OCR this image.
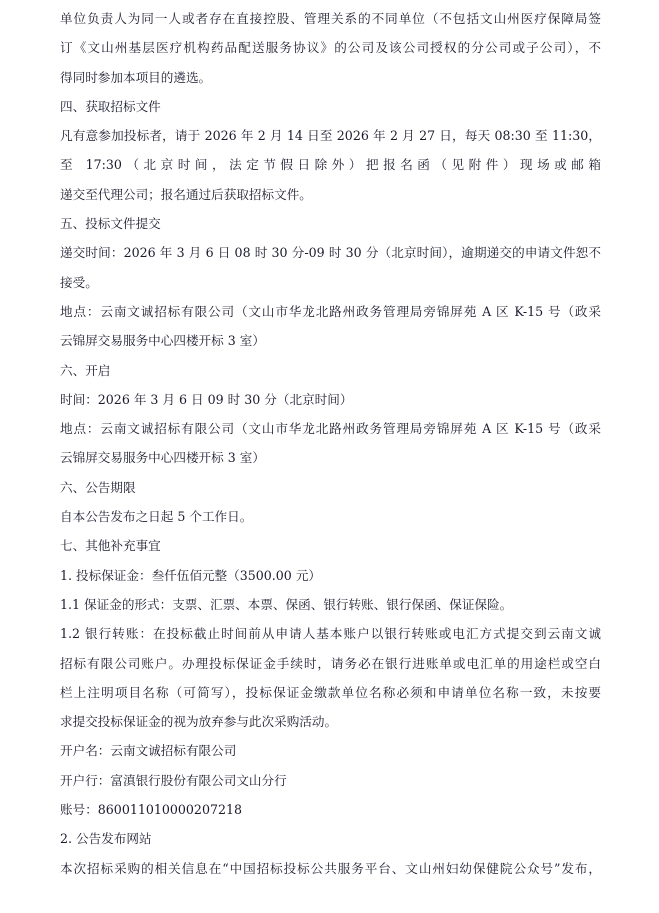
单位负责人为同一人或者存在直接控股、管理关系的不同单位（不包括文山州医疗保障局签
订《文山州基层医疗机构药品配送服务协议》的公司及该公司授权的分公司或子公司），不
得同时参加本项目的遴选。
四、获取招标文件
凡有意参加投标者，请于 2026 年 2 月 14 日至 2026 年 2 月 27 日，每天 08:30 至 11:30，
至 17:30（北京时间，法定节假日除外）把报名函（见附件）现场或邮箱
递交至代理公司；报名通过后获取招标文件。
五、投标文件提交
递交时间：2026 年 3 月 6 日 08 时 30 分-09 时 30 分（北京时间），逾期递交的申请文件恕不
接受。
地点：云南文诚招标有限公司（文山市华龙北路州政务管理局旁锦屏苑 A 区 K-15 号（政采
云锦屏交易服务中心四楼开标 3 室）
六、开启
时间：2026 年 3 月 6 日 09 时 30 分（北京时间）
地点：云南文诚招标有限公司（文山市华龙北路州政务管理局旁锦屏苑 A 区 K-15 号（政采
云锦屏交易服务中心四楼开标 3 室）
六、公告期限
自本公告发布之日起 5 个工作日。
七、其他补充事宜
1. 投标保证金：叁仟伍佰元整（3500.00 元）
1.1 保证金的形式：支票、汇票、本票、保函、银行转账、银行保函、保证保险。
1.2 银行转账：在投标截止时间前从申请人基本账户以银行转账或电汇方式提交到云南文诚
招标有限公司账户。办理投标保证金手续时，请务必在银行进账单或电汇单的用途栏或空白
栏上注明项目名称（可简写），投标保证金缴款单位名称必须和申请单位名称一致，未按要
求提交投标保证金的视为放弃参与此次采购活动。
开户名：云南文诚招标有限公司
开户行：富滇银行股份有限公司文山分行
账号：860011010000207218
2. 公告发布网站
本次招标采购的相关信息在“中国招标投标公共服务平台、文山州妇幼保健院公众号”发布，
